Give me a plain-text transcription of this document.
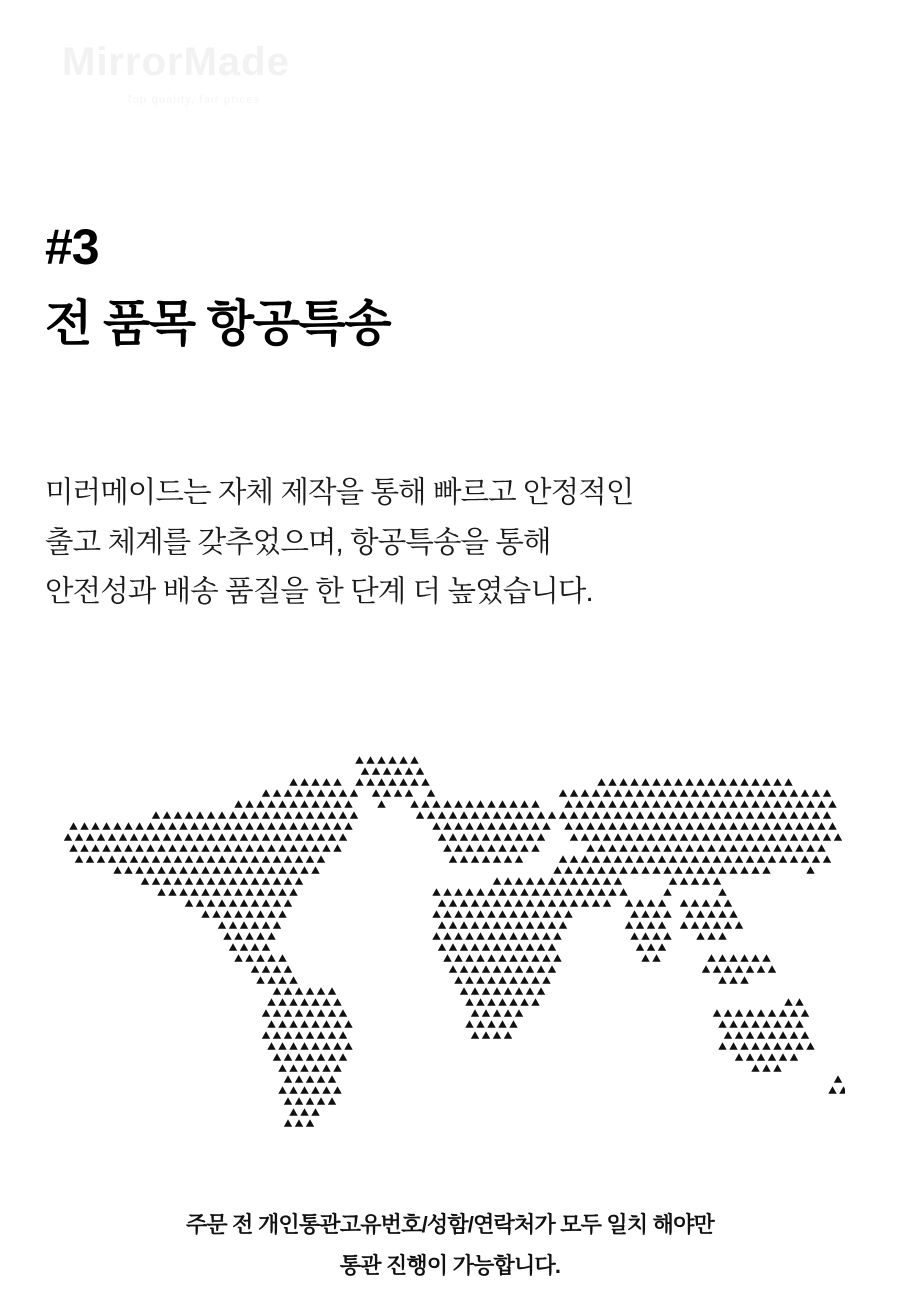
MirrorMade
Top quality, fair prices
#3
전 품목 항공특송
미러메이드는 자체 제작을 통해 빠르고 안정적인
출고 체계를 갖추었으며, 항공특송을 통해
안전성과 배송 품질을 한 단계 더 높였습니다.
주문 전 개인통관고유번호/성함/연락처가 모두 일치 해야만
통관 진행이 가능합니다.
